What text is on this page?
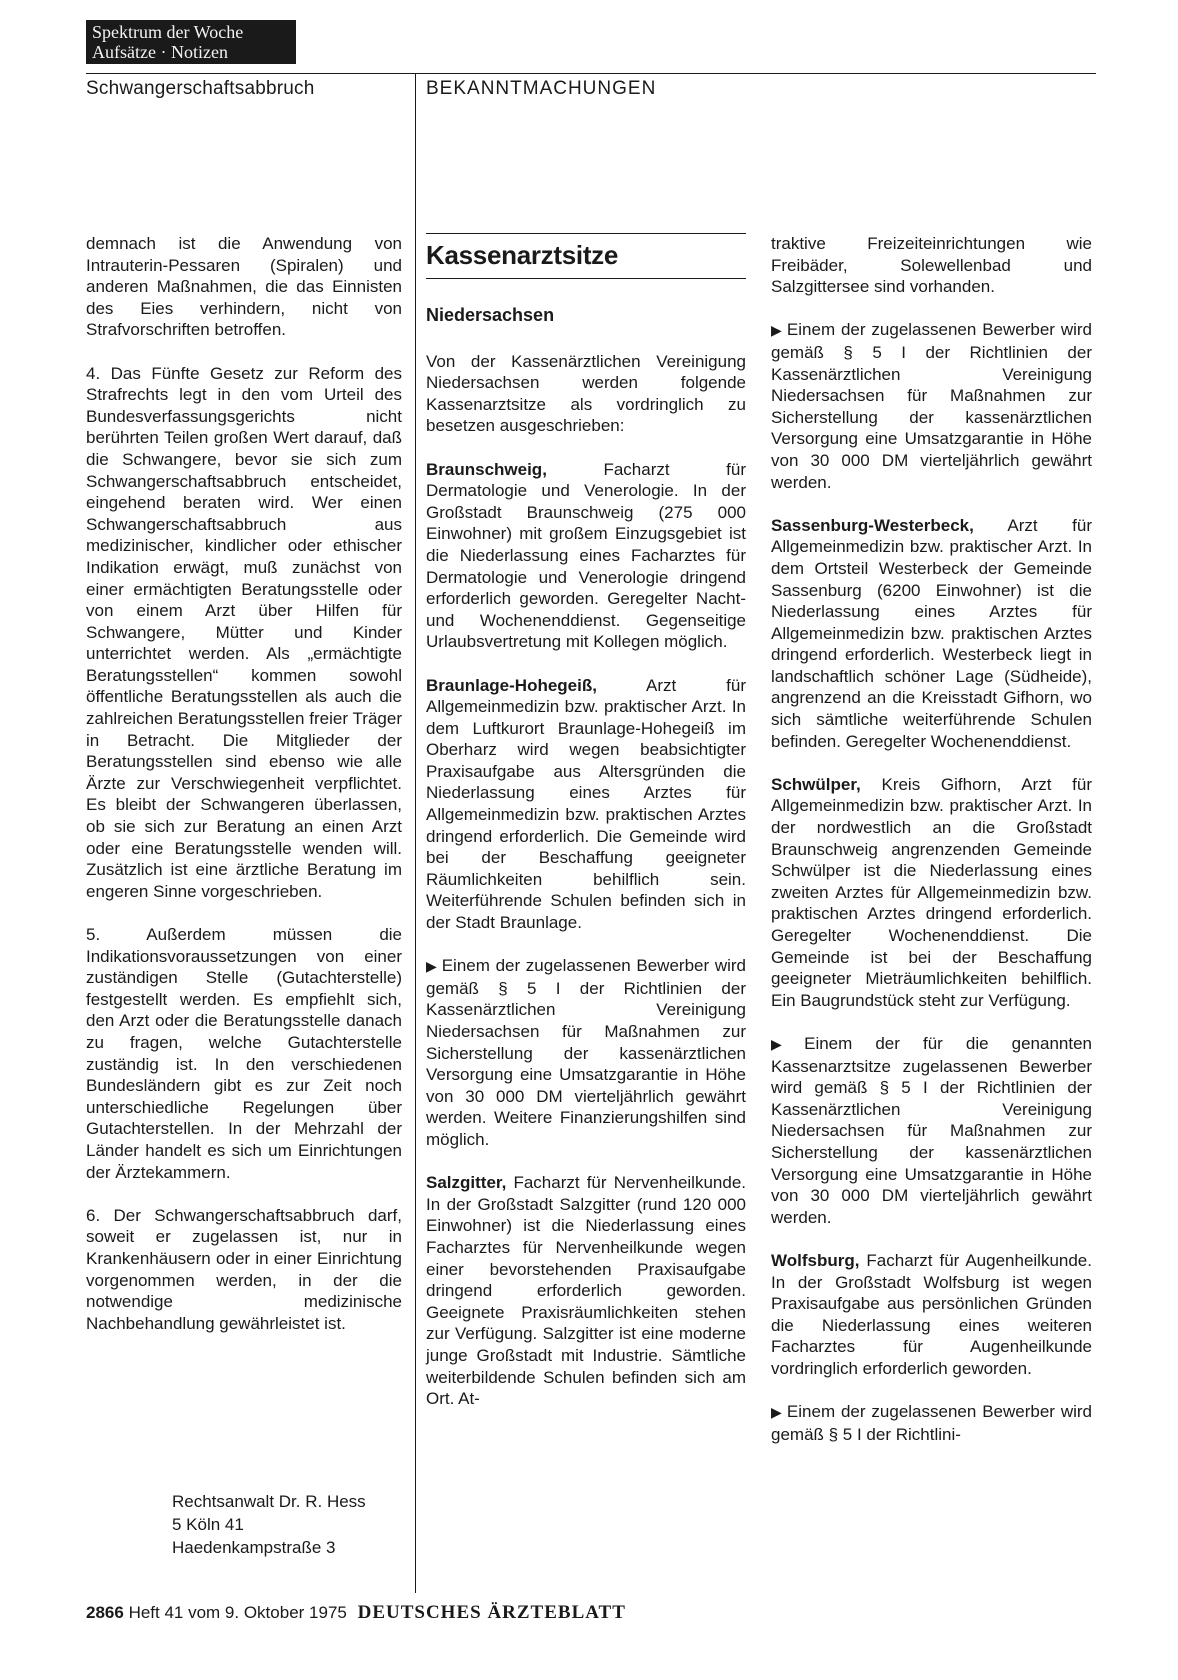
Spektrum der Woche
Aufsätze · Notizen
Schwangerschaftsabbruch	BEKANNTMACHUNGEN

demnach ist die Anwendung von Intrauterin-Pessaren (Spiralen) und anderen Maßnahmen, die das Einnisten des Eies verhindern, nicht von Strafvorschriften betroffen.

4. Das Fünfte Gesetz zur Reform des Strafrechts legt in den vom Urteil des Bundesverfassungsgerichts nicht berührten Teilen großen Wert darauf, daß die Schwangere, bevor sie sich zum Schwangerschaftsabbruch entscheidet, eingehend beraten wird. Wer einen Schwangerschaftsabbruch aus medizinischer, kindlicher oder ethischer Indikation erwägt, muß zunächst von einer ermächtigten Beratungsstelle oder von einem Arzt über Hilfen für Schwangere, Mütter und Kinder unterrichtet werden. Als „ermächtigte Beratungsstellen“ kommen sowohl öffentliche Beratungsstellen als auch die zahlreichen Beratungsstellen freier Träger in Betracht. Die Mitglieder der Beratungsstellen sind ebenso wie alle Ärzte zur Verschwiegenheit verpflichtet. Es bleibt der Schwangeren überlassen, ob sie sich zur Beratung an einen Arzt oder eine Beratungsstelle wenden will. Zusätzlich ist eine ärztliche Beratung im engeren Sinne vorgeschrieben.

5. Außerdem müssen die Indikationsvoraussetzungen von einer zuständigen Stelle (Gutachterstelle) festgestellt werden. Es empfiehlt sich, den Arzt oder die Beratungsstelle danach zu fragen, welche Gutachterstelle zuständig ist. In den verschiedenen Bundesländern gibt es zur Zeit noch unterschiedliche Regelungen über Gutachterstellen. In der Mehrzahl der Länder handelt es sich um Einrichtungen der Ärztekammern.

6. Der Schwangerschaftsabbruch darf, soweit er zugelassen ist, nur in Krankenhäusern oder in einer Einrichtung vorgenommen werden, in der die notwendige medizinische Nachbehandlung gewährleistet ist.

Rechtsanwalt Dr. R. Hess
5 Köln 41
Haedenkampstraße 3
Kassenarztsitze
Niedersachsen

Von der Kassenärztlichen Vereinigung Niedersachsen werden folgende Kassenarztsitze als vordringlich zu besetzen ausgeschrieben:

Braunschweig, Facharzt für Dermatologie und Venerologie. In der Großstadt Braunschweig (275 000 Einwohner) mit großem Einzugsgebiet ist die Niederlassung eines Facharztes für Dermatologie und Venerologie dringend erforderlich geworden. Geregelter Nacht- und Wochenenddienst. Gegenseitige Urlaubsvertretung mit Kollegen möglich.

Braunlage-Hohegeiß, Arzt für Allgemeinmedizin bzw. praktischer Arzt. In dem Luftkurort Braunlage-Hohegeiß im Oberharz wird wegen beabsichtigter Praxisaufgabe aus Altersgründen die Niederlassung eines Arztes für Allgemeinmedizin bzw. praktischen Arztes dringend erforderlich. Die Gemeinde wird bei der Beschaffung geeigneter Räumlichkeiten behilflich sein. Weiterführende Schulen befinden sich in der Stadt Braunlage.

▶ Einem der zugelassenen Bewerber wird gemäß § 5 I der Richtlinien der Kassenärztlichen Vereinigung Niedersachsen für Maßnahmen zur Sicherstellung der kassenärztlichen Versorgung eine Umsatzgarantie in Höhe von 30 000 DM vierteljährlich gewährt werden. Weitere Finanzierungshilfen sind möglich.

Salzgitter, Facharzt für Nervenheilkunde. In der Großstadt Salzgitter (rund 120 000 Einwohner) ist die Niederlassung eines Facharztes für Nervenheilkunde wegen einer bevorstehenden Praxisaufgabe dringend erforderlich geworden. Geeignete Praxisräumlichkeiten stehen zur Verfügung. Salzgitter ist eine moderne junge Großstadt mit Industrie. Sämtliche weiterbildende Schulen befinden sich am Ort. At-

traktive Freizeiteinrichtungen wie Freibäder, Solewellenbad und Salzgittersee sind vorhanden.

▶ Einem der zugelassenen Bewerber wird gemäß § 5 I der Richtlinien der Kassenärztlichen Vereinigung Niedersachsen für Maßnahmen zur Sicherstellung der kassenärztlichen Versorgung eine Umsatzgarantie in Höhe von 30 000 DM vierteljährlich gewährt werden.

Sassenburg-Westerbeck, Arzt für Allgemeinmedizin bzw. praktischer Arzt. In dem Ortsteil Westerbeck der Gemeinde Sassenburg (6200 Einwohner) ist die Niederlassung eines Arztes für Allgemeinmedizin bzw. praktischen Arztes dringend erforderlich. Westerbeck liegt in landschaftlich schöner Lage (Südheide), angrenzend an die Kreisstadt Gifhorn, wo sich sämtliche weiterführende Schulen befinden. Geregelter Wochenenddienst.

Schwülper, Kreis Gifhorn, Arzt für Allgemeinmedizin bzw. praktischer Arzt. In der nordwestlich an die Großstadt Braunschweig angrenzenden Gemeinde Schwülper ist die Niederlassung eines zweiten Arztes für Allgemeinmedizin bzw. praktischen Arztes dringend erforderlich. Geregelter Wochenenddienst. Die Gemeinde ist bei der Beschaffung geeigneter Mieträumlichkeiten behilflich. Ein Baugrundstück steht zur Verfügung.

▶ Einem der für die genannten Kassenarztsitze zugelassenen Bewerber wird gemäß § 5 I der Richtlinien der Kassenärztlichen Vereinigung Niedersachsen für Maßnahmen zur Sicherstellung der kassenärztlichen Versorgung eine Umsatzgarantie in Höhe von 30 000 DM vierteljährlich gewährt werden.

Wolfsburg, Facharzt für Augenheilkunde. In der Großstadt Wolfsburg ist wegen Praxisaufgabe aus persönlichen Gründen die Niederlassung eines weiteren Facharztes für Augenheilkunde vordringlich erforderlich geworden.

▶ Einem der zugelassenen Bewerber wird gemäß § 5 I der Richtlini-

2866 Heft 41 vom 9. Oktober 1975 DEUTSCHES ÄRZTEBLATT
